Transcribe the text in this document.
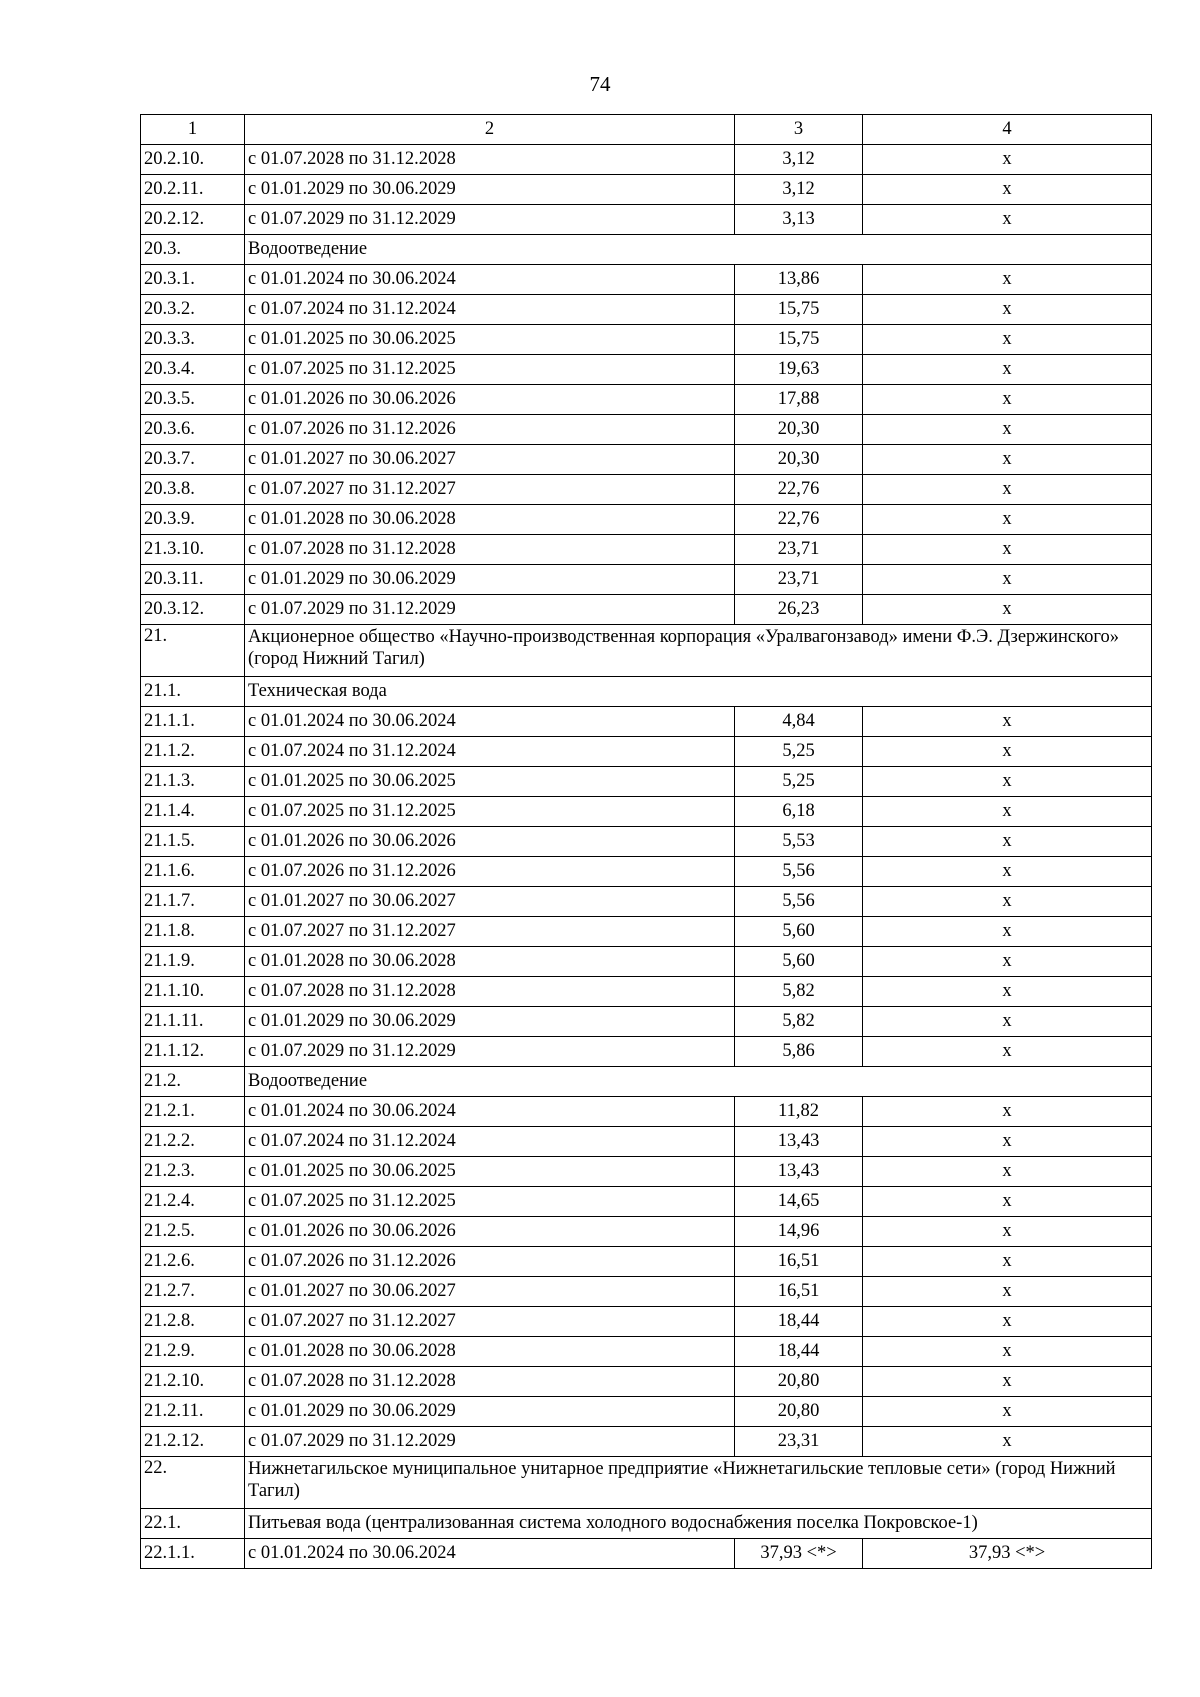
74
1	2	3	4
20.2.10.	с 01.07.2028 по 31.12.2028	3,12	х
20.2.11.	с 01.01.2029 по 30.06.2029	3,12	х
20.2.12.	с 01.07.2029 по 31.12.2029	3,13	х
20.3.	Водоотведение		
20.3.1.	с 01.01.2024 по 30.06.2024	13,86	х
20.3.2.	с 01.07.2024 по 31.12.2024	15,75	х
20.3.3.	с 01.01.2025 по 30.06.2025	15,75	х
20.3.4.	с 01.07.2025 по 31.12.2025	19,63	х
20.3.5.	с 01.01.2026 по 30.06.2026	17,88	х
20.3.6.	с 01.07.2026 по 31.12.2026	20,30	х
20.3.7.	с 01.01.2027 по 30.06.2027	20,30	х
20.3.8.	с 01.07.2027 по 31.12.2027	22,76	х
20.3.9.	с 01.01.2028 по 30.06.2028	22,76	х
21.3.10.	с 01.07.2028 по 31.12.2028	23,71	х
20.3.11.	с 01.01.2029 по 30.06.2029	23,71	х
20.3.12.	с 01.07.2029 по 31.12.2029	26,23	х
21.	Акционерное общество «Научно-производственная корпорация «Уралвагонзавод» имени Ф.Э. Дзержинского» (город Нижний Тагил)		
21.1.	Техническая вода		
21.1.1.	с 01.01.2024 по 30.06.2024	4,84	х
21.1.2.	с 01.07.2024 по 31.12.2024	5,25	х
21.1.3.	с 01.01.2025 по 30.06.2025	5,25	х
21.1.4.	с 01.07.2025 по 31.12.2025	6,18	х
21.1.5.	с 01.01.2026 по 30.06.2026	5,53	х
21.1.6.	с 01.07.2026 по 31.12.2026	5,56	х
21.1.7.	с 01.01.2027 по 30.06.2027	5,56	х
21.1.8.	с 01.07.2027 по 31.12.2027	5,60	х
21.1.9.	с 01.01.2028 по 30.06.2028	5,60	х
21.1.10.	с 01.07.2028 по 31.12.2028	5,82	х
21.1.11.	с 01.01.2029 по 30.06.2029	5,82	х
21.1.12.	с 01.07.2029 по 31.12.2029	5,86	х
21.2.	Водоотведение		
21.2.1.	с 01.01.2024 по 30.06.2024	11,82	х
21.2.2.	с 01.07.2024 по 31.12.2024	13,43	х
21.2.3.	с 01.01.2025 по 30.06.2025	13,43	х
21.2.4.	с 01.07.2025 по 31.12.2025	14,65	х
21.2.5.	с 01.01.2026 по 30.06.2026	14,96	х
21.2.6.	с 01.07.2026 по 31.12.2026	16,51	х
21.2.7.	с 01.01.2027 по 30.06.2027	16,51	х
21.2.8.	с 01.07.2027 по 31.12.2027	18,44	х
21.2.9.	с 01.01.2028 по 30.06.2028	18,44	х
21.2.10.	с 01.07.2028 по 31.12.2028	20,80	х
21.2.11.	с 01.01.2029 по 30.06.2029	20,80	х
21.2.12.	с 01.07.2029 по 31.12.2029	23,31	х
22.	Нижнетагильское муниципальное унитарное предприятие «Нижнетагильские тепловые сети» (город Нижний Тагил)		
22.1.	Питьевая вода (централизованная система холодного водоснабжения поселка Покровское-1)		
22.1.1.	с 01.01.2024 по 30.06.2024	37,93 <*>	37,93 <*>
